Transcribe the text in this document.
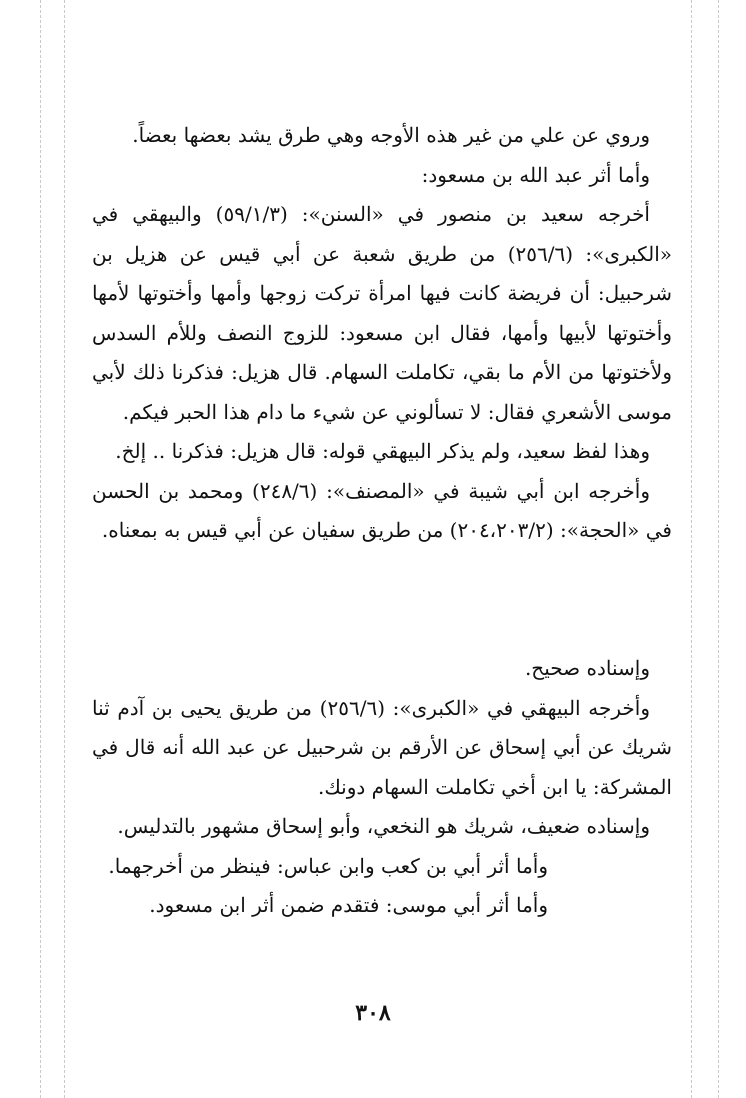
وروي عن علي من غير هذه الأوجه وهي طرق يشد بعضها بعضاً.

وأما أثر عبد الله بن مسعود:

أخرجه سعيد بن منصور في «السنن»: (٥٩/١/٣) والبيهقي في «الكبرى»: (٢٥٦/٦) من طريق شعبة عن أبي قيس عن هزيل بن شرحبيل: أن فريضة كانت فيها امرأة تركت زوجها وأمها وأختوتها لأمها وأختوتها لأبيها وأمها، فقال ابن مسعود: للزوج النصف وللأم السدس ولأختوتها من الأم ما بقي، تكاملت السهام. قال هزيل: فذكرنا ذلك لأبي موسى الأشعري فقال: لا تسألوني عن شيء ما دام هذا الحبر فيكم.

وهذا لفظ سعيد، ولم يذكر البيهقي قوله: قال هزيل: فذكرنا .. إلخ.

وأخرجه ابن أبي شيبة في «المصنف»: (٢٤٨/٦) ومحمد بن الحسن في «الحجة»: (٢٠٤،٢٠٣/٢) من طريق سفيان عن أبي قيس به بمعناه.

وإسناده صحيح.

وأخرجه البيهقي في «الكبرى»: (٢٥٦/٦) من طريق يحيى بن آدم ثنا شريك عن أبي إسحاق عن الأرقم بن شرحبيل عن عبد الله أنه قال في المشركة: يا ابن أخي تكاملت السهام دونك.

وإسناده ضعيف، شريك هو النخعي، وأبو إسحاق مشهور بالتدليس.

وأما أثر أبي بن كعب وابن عباس: فينظر من أخرجهما.

وأما أثر أبي موسى: فتقدم ضمن أثر ابن مسعود.

٣٠٨
